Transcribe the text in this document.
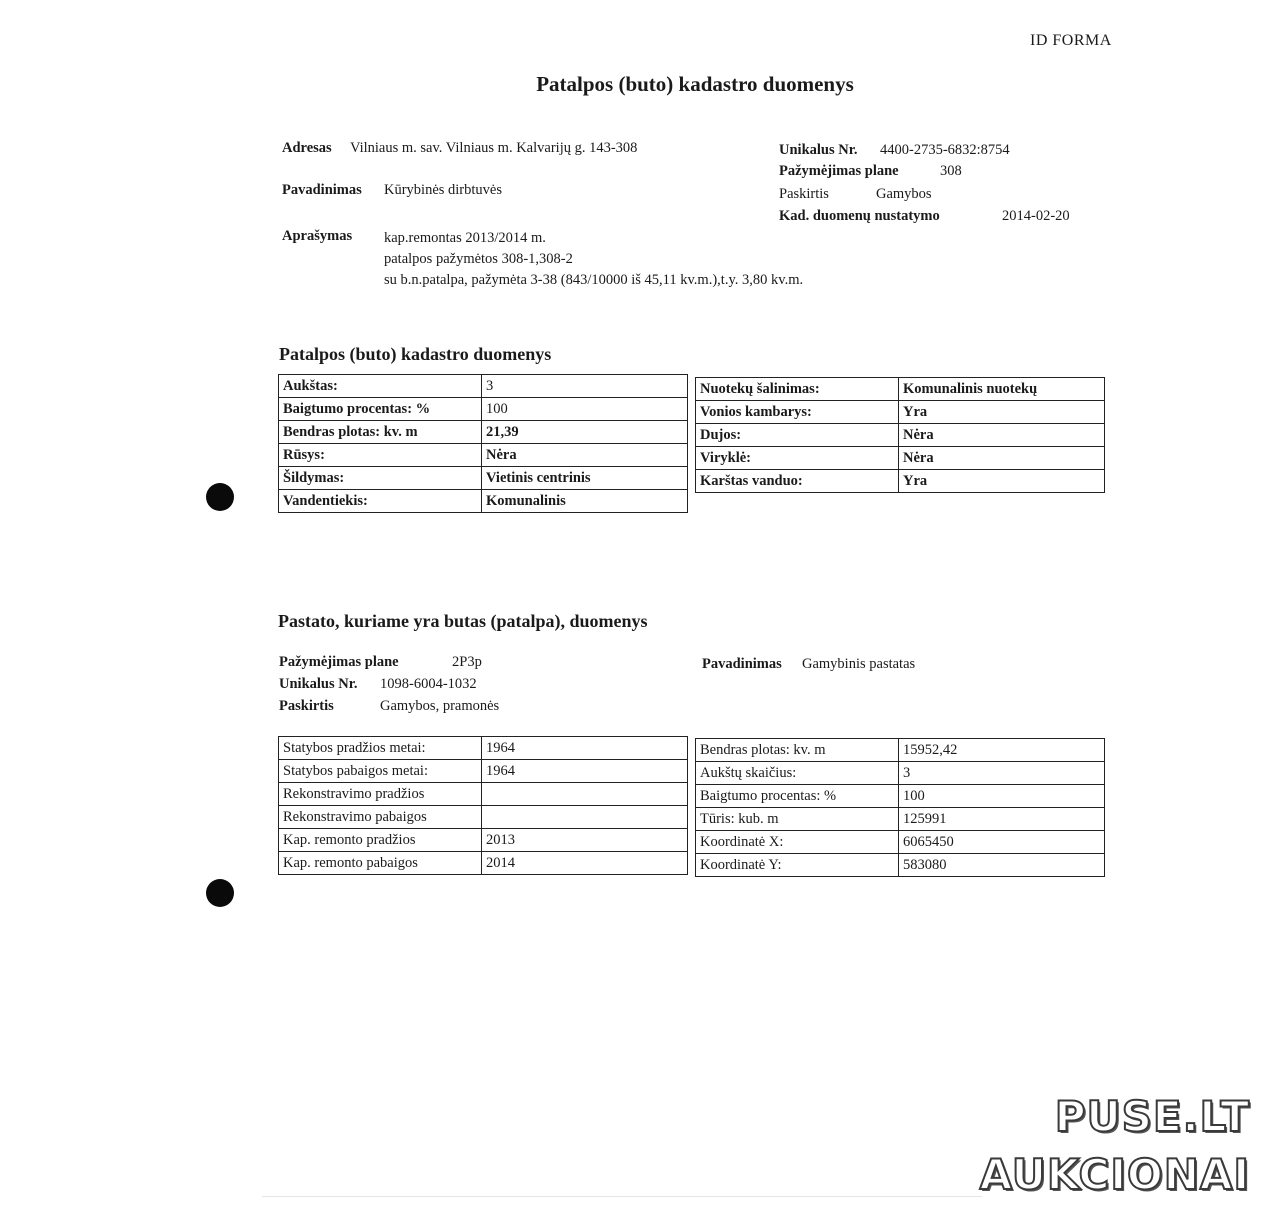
ID FORMA
Patalpos (buto) kadastro duomenys
Adresas Vilniaus m. sav. Vilniaus m. Kalvarijų g. 143-308
Pavadinimas Kūrybinės dirbtuvės
Aprašymas kap.remontas 2013/2014 m.
patalpos pažymėtos 308-1,308-2
su b.n.patalpa, pažymėta 3-38 (843/10000 iš 45,11 kv.m.),t.y. 3,80 kv.m.
Unikalus Nr. 4400-2735-6832:8754
Pažymėjimas plane	308
Paskirtis	Gamybos
Kad. duomenų nustatymo	2014-02-20
Patalpos (buto) kadastro duomenys
Aukštas:	3
Baigtumo procentas: %	100
Bendras plotas: kv. m	21,39
Rūsys:	Nėra
Šildymas:	Vietinis centrinis
Vandentiekis:	Komunalinis
Nuotekų šalinimas:	Komunalinis nuotekų
Vonios kambarys:	Yra
Dujos:	Nėra
Viryklė:	Nėra
Karštas vanduo:	Yra
Pastato, kuriame yra butas (patalpa), duomenys
Pažymėjimas plane	2P3p
Unikalus Nr. 1098-6004-1032
Paskirtis	Gamybos, pramonės
Pavadinimas Gamybinis pastatas
Statybos pradžios metai:	1964
Statybos pabaigos metai:	1964
Rekonstravimo pradžios	
Rekonstravimo pabaigos	
Kap. remonto pradžios	2013
Kap. remonto pabaigos	2014
Bendras plotas: kv. m	15952,42
Aukštų skaičius:	3
Baigtumo procentas: %	100
Tūris: kub. m	125991
Koordinatė X:	6065450
Koordinatė Y:	583080
PUSE.LT
AUKCIONAI
